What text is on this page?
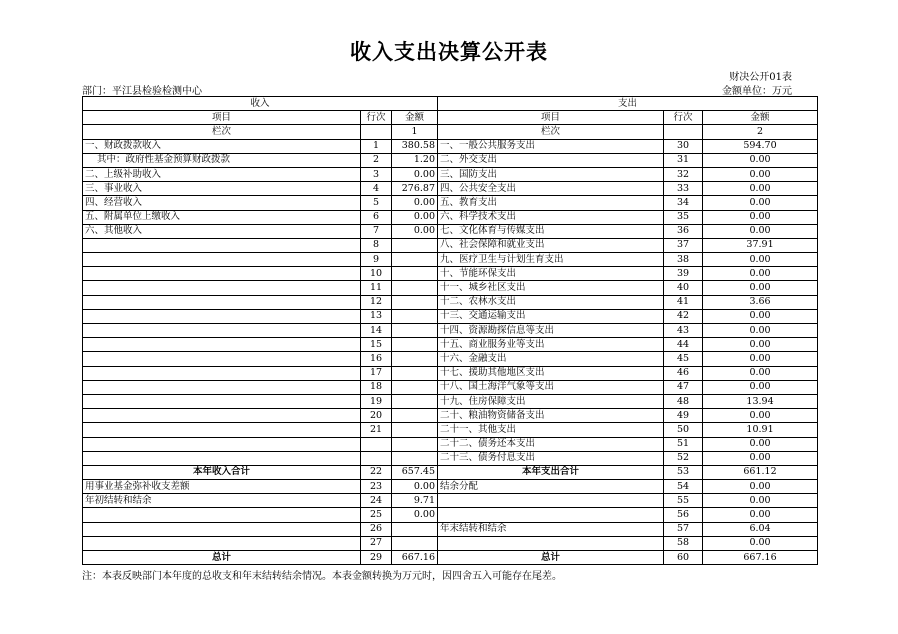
收入支出决算公开表
财决公开01表
部门：平江县检验检测中心	金额单位：万元
收入			支出		
项目	行次	金额	项目	行次	金额
栏次		1	栏次		2
一、财政拨款收入	1	380.58	一、一般公共服务支出	30	594.70
其中：政府性基金预算财政拨款	2	1.20	二、外交支出	31	0.00
二、上级补助收入	3	0.00	三、国防支出	32	0.00
三、事业收入	4	276.87	四、公共安全支出	33	0.00
四、经营收入	5	0.00	五、教育支出	34	0.00
五、附属单位上缴收入	6	0.00	六、科学技术支出	35	0.00
六、其他收入	7	0.00	七、文化体育与传媒支出	36	0.00
	8		八、社会保障和就业支出	37	37.91
	9		九、医疗卫生与计划生育支出	38	0.00
	10		十、节能环保支出	39	0.00
	11		十一、城乡社区支出	40	0.00
	12		十二、农林水支出	41	3.66
	13		十三、交通运输支出	42	0.00
	14		十四、资源勘探信息等支出	43	0.00
	15		十五、商业服务业等支出	44	0.00
	16		十六、金融支出	45	0.00
	17		十七、援助其他地区支出	46	0.00
	18		十八、国土海洋气象等支出	47	0.00
	19		十九、住房保障支出	48	13.94
	20		二十、粮油物资储备支出	49	0.00
	21		二十一、其他支出	50	10.91
			二十二、债务还本支出	51	0.00
			二十三、债务付息支出	52	0.00
本年收入合计	22	657.45	本年支出合计	53	661.12
用事业基金弥补收支差额	23	0.00	结余分配	54	0.00
年初结转和结余	24	9.71		55	0.00
	25	0.00		56	0.00
	26		年末结转和结余	57	6.04
	27			58	0.00
总计	29	667.16	总计	60	667.16
注：本表反映部门本年度的总收支和年末结转结余情况。本表金额转换为万元时，因四舍五入可能存在尾差。
